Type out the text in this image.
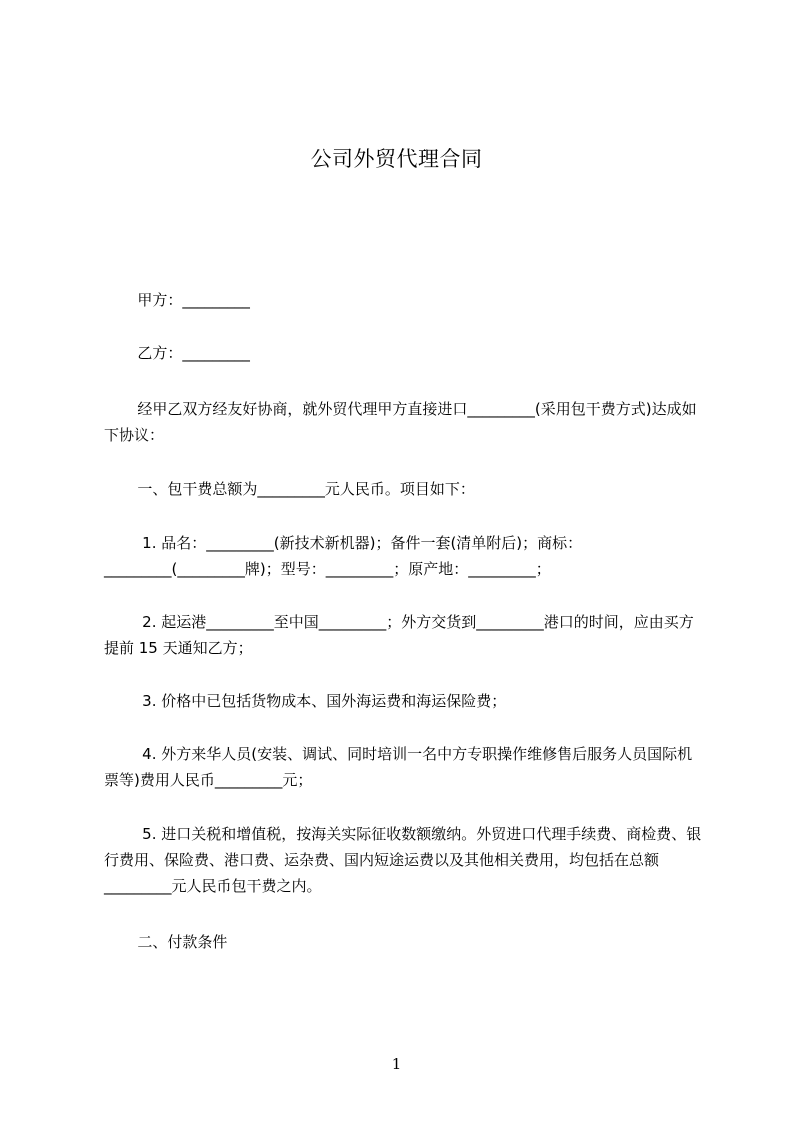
公司外贸代理合同
甲方：_________
乙方：_________
经甲乙双方经友好协商，就外贸代理甲方直接进口_________(采用包干费方式)达成如下协议：
一、包干费总额为_________元人民币。项目如下：
1. 品名：_________(新技术新机器)；备件一套(清单附后)；商标：_________(_________牌)；型号：_________；原产地：_________；
2. 起运港_________至中国_________；外方交货到_________港口的时间，应由买方提前 15 天通知乙方；
3. 价格中已包括货物成本、国外海运费和海运保险费；
4. 外方来华人员(安装、调试、同时培训一名中方专职操作维修售后服务人员国际机票等)费用人民币_________元；
5. 进口关税和增值税，按海关实际征收数额缴纳。外贸进口代理手续费、商检费、银行费用、保险费、港口费、运杂费、国内短途运费以及其他相关费用，均包括在总额_________元人民币包干费之内。
二、付款条件
1
